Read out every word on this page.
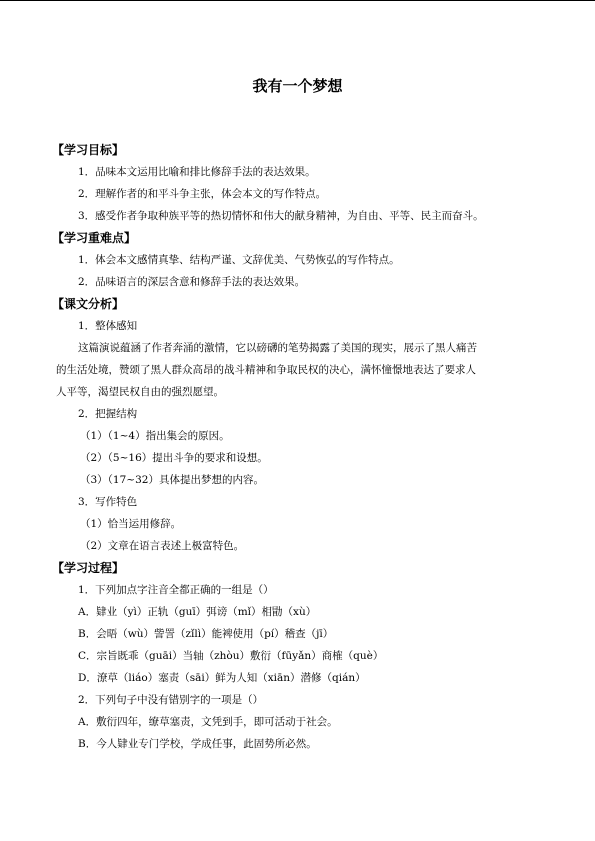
我有一个梦想
【学习目标】
1．品味本文运用比喻和排比修辞手法的表达效果。
2．理解作者的和平斗争主张，体会本文的写作特点。
3．感受作者争取种族平等的热切情怀和伟大的献身精神，为自由、平等、民主而奋斗。
【学习重难点】
1．体会本文感情真挚、结构严谨、文辞优美、气势恢弘的写作特点。
2．品味语言的深层含意和修辞手法的表达效果。
【课文分析】
1．整体感知
这篇演说蕴涵了作者奔涌的激情，它以磅礴的笔势揭露了美国的现实，展示了黑人痛苦
的生活处境，赞颂了黑人群众高昂的战斗精神和争取民权的决心，满怀憧憬地表达了要求人
人平等，渴望民权自由的强烈愿望。
2．把握结构
（1）（1~4）指出集会的原因。
（2）（5~16）提出斗争的要求和设想。
（3）（17~32）具体提出梦想的内容。
3．写作特色
（1）恰当运用修辞。
（2）文章在语言表述上极富特色。
【学习过程】
1．下列加点字注音全都正确的一组是（）
A．肄业（yì）正轨（guī）弭谤（mǐ）相勖（xù）
B．会晤（wù）訾詈（zǐlì）能裨使用（pí）稽查（jī）
C．宗旨既乖（guāi）当轴（zhòu）敷衍（fūyǎn）商榷（què）
D．潦草（liáo）塞责（sāi）鲜为人知（xiān）潜修（qián）
2．下列句子中没有错别字的一项是（）
A．敷衍四年，缭草塞责，文凭到手，即可活动于社会。
B．今人肄业专门学校，学成任事，此固势所必然。
